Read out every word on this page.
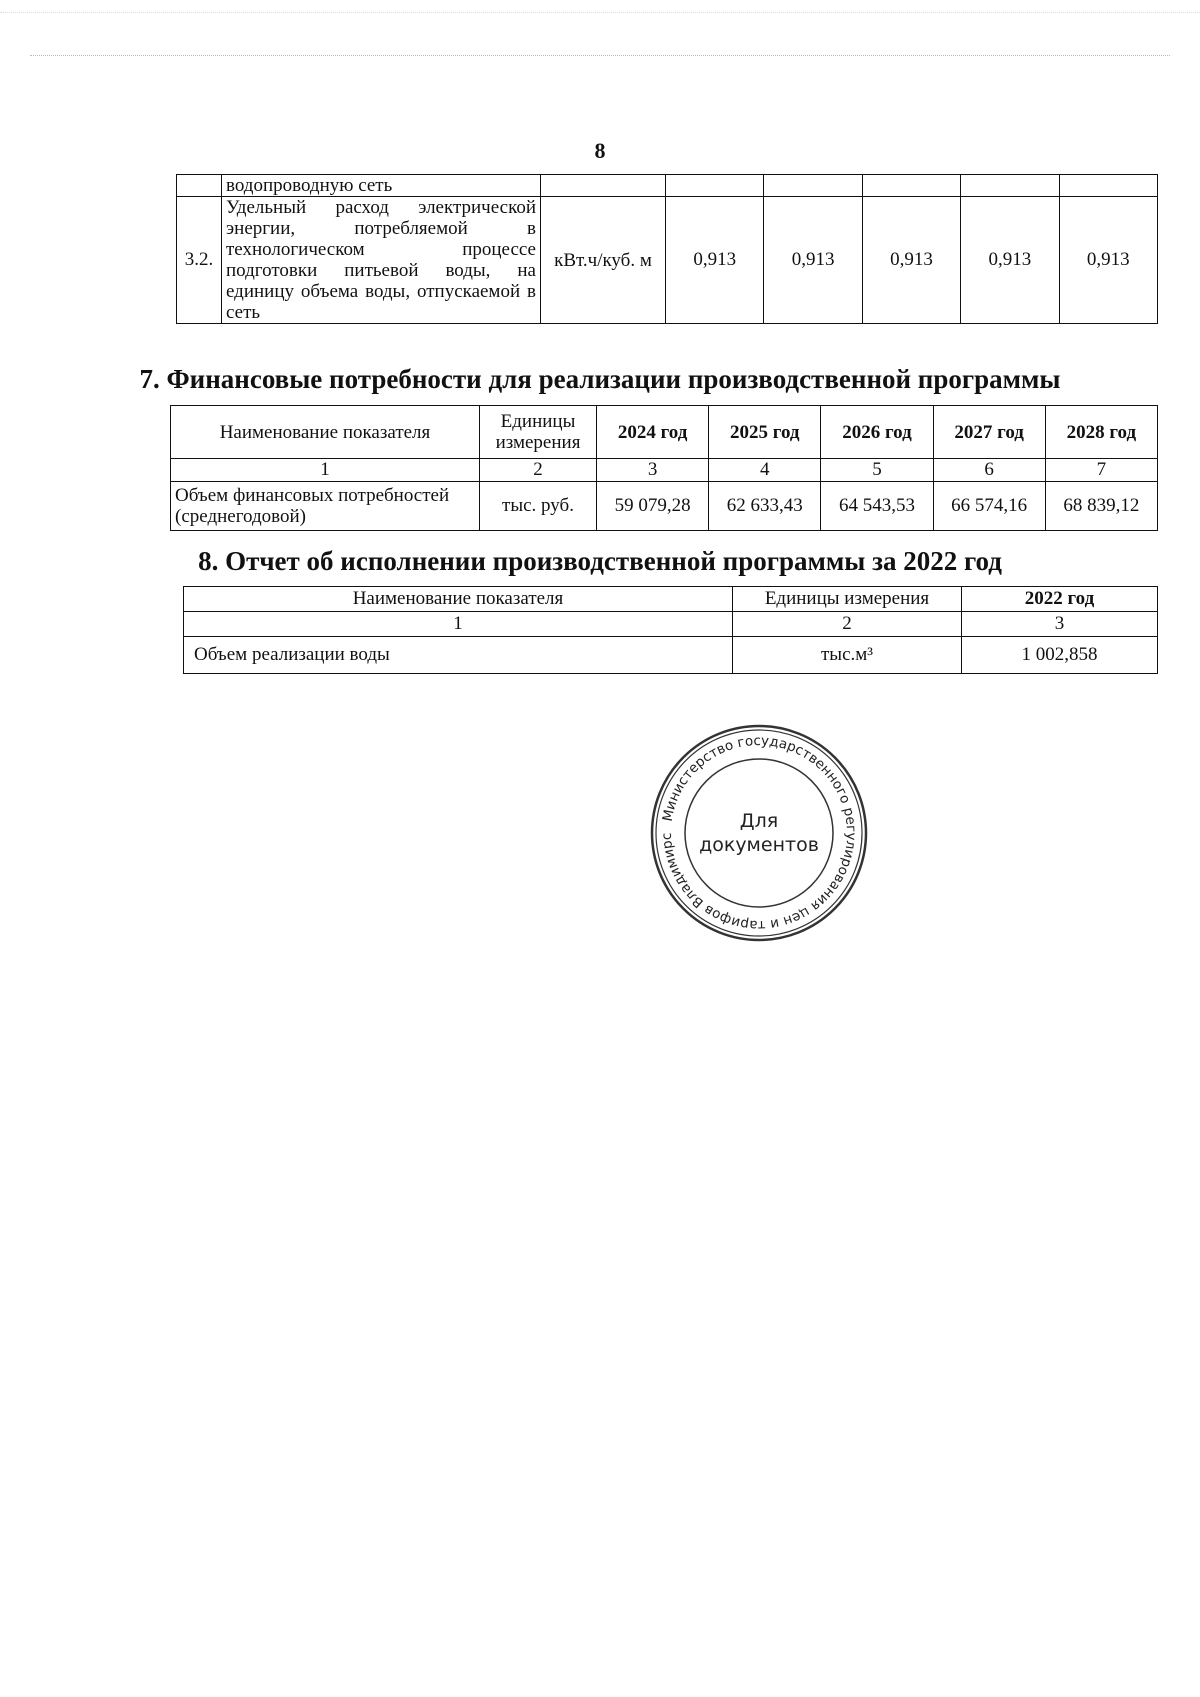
8
	водопроводную сеть						
3.2.	Удельный расход электрической энергии, потребляемой в технологическом процессе подготовки питьевой воды, на единицу объема воды, отпускаемой в сеть	кВт.ч/куб. м	0,913	0,913	0,913	0,913	0,913
7. Финансовые потребности для реализации производственной программы
Наименование показателя	Единицы измерения	2024 год	2025 год	2026 год	2027 год	2028 год
1	2	3	4	5	6	7
Объем финансовых потребностей (среднегодовой)	тыс. руб.	59 079,28	62 633,43	64 543,53	66 574,16	68 839,12
8. Отчет об исполнении производственной программы за 2022 год
Наименование показателя	Единицы измерения	2022 год
1	2	3
Объем реализации воды	тыс.м³	1 002,858
Министерство государственного регулирования цен и тарифов Владимирс
Для
документов
